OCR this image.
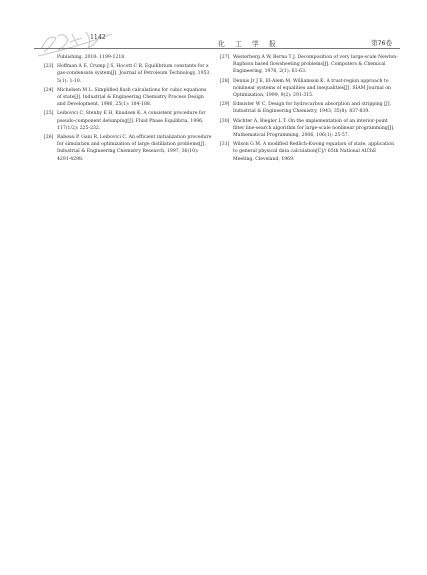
1142
化 工 学 报	第76卷
Publishing, 2018: 1199-1218.
[23] Hoffman A E, Crump J S, Hocott C R. Equilibrium constants for a gas-condensate system[J]. Journal of Petroleum Technology, 1953, 5(1): 1-10.
[24] Michelsen M L. Simplified flash calculations for cubic equations of state[J]. Industrial & Engineering Chemistry Process Design and Development, 1986, 25(1): 184-188.
[25] Leibovici C, Stenby E H, Knudsen K. A consistent procedure for pseudo-component delumping[J]. Fluid Phase Equilibria, 1996, 117(1/2): 225-232.
[26] Rabeau P, Gani R, Leibovici C. An efficient initialization procedure for simulation and optimization of large distillation problems[J]. Industrial & Engineering Chemistry Research, 1997, 36(10): 4291-4298.
[27] Westerberg A W, Berna T J. Decomposition of very large-scale Newton-Raphson based flowsheeting problems[J]. Computers & Chemical Engineering, 1978, 2(1): 61-63.
[28] Dennis Jr J E, El-Alem M, Williamson K. A trust-region approach to nonlinear systems of equalities and inequalities[J]. SIAM Journal on Optimization, 1999, 9(2): 291-315.
[29] Edmister W C. Design for hydrocarbon absorption and stripping [J]. Industrial & Engineering Chemistry, 1943, 35(8): 837-839.
[30] Wächter A, Biegler L T. On the implementation of an interior-point filter line-search algorithm for large-scale nonlinear programming[J]. Mathematical Programming, 2006, 106(1): 25-57.
[31] Wilson G M. A modified Redlich-Kwong equation of state, application to general physical data calculation[C]// 65th National AIChE Meeting. Cleveland, 1969.
